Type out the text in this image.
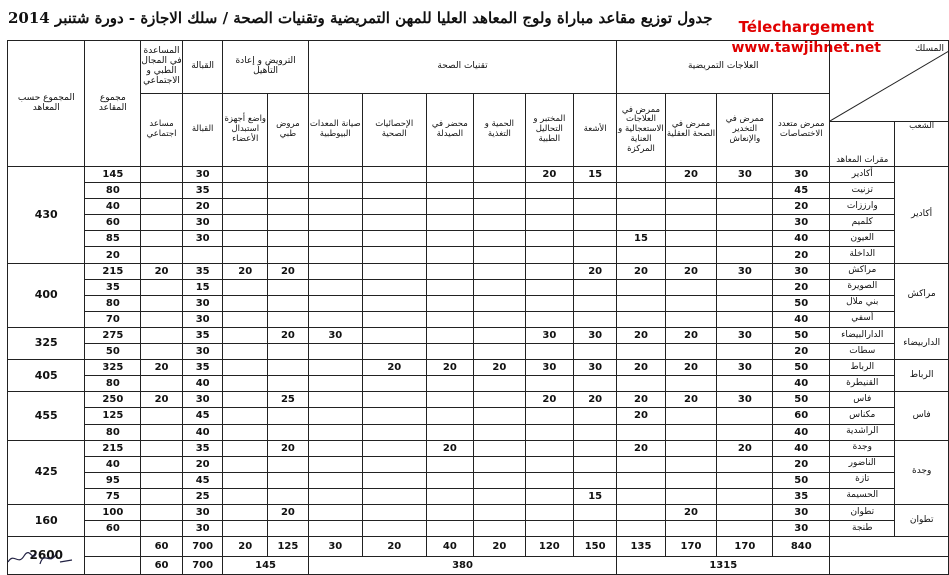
جدول توزيع مقاعد مباراة ولوج المعاهد العليا للمهن التمريضية وتقنيات الصحة / سلك الاجازة - دورة شتنبر 2014 Télechargement
www.tawjihnet.net	المسلك		العلاجات التمريضية				تقنيات الصحة						الترويض و إعادة التأهيل		القبالة	المساعدة في المجال الطبي و الاجتماعي	مجموع المقاعد	المجموع حسب المعاهد
		ممرض متعدد الاختصاصات	ممرض في التخدير والإنعاش	ممرض في الصحة العقلية	ممرض في العلاجات الاستعجالية و العناية المركزة	الأشعة	المختبر و التحاليل الطبية	الحمية و التغذية	محضر في الصيدلة	الإحصائيات الصحية	صيانة المعدات البيوطبية	مروض طبي	واضع أجهزة استبدال الأعضاء	القبالة	مساعد اجتماعي		
الشعب	مقرات المعاهد																
أكادير	أكادير	30	30	20		15	20							30		145	430
	تزنيت	45												35		80	
	وارززات	20												20		40	
	كلميم	30												30		60	
	العيون	40			15									30		85	
	الداخلة	20														20	
مراكش	مراكش	30	30	20	20	20						20	20	35	20	215	400
	الصويرة	20												15		35	
	بني ملال	50												30		80	
	أسفي	40												30		70	
الداربيضاء	الدارالبيضاء	50	30	20	20	30	30				30	20		35		275	325
	سطات	20												30		50	
الرباط	الرباط	50	30	20	20	30	30	20	20	20				35	20	325	405
	القنيطرة	40												40		80	
فاس	فاس	50	30	20	20	20	20					25		30	20	250	455
	مكناس	60			20									45		125	
	الراشدية	40												40		80	
وجدة	وجدة	40	20		20				20			20		35		215	425
	الناضور	20												20		40	
	تازة	50												45		95	
	الحسيمة	35				15								25		75	
تطوان	تطوان	30		20								20		30		100	160
	طنجة	30												30		60	
		840	170	170	135	150	120	20	40	20	30	125	20	700	60		2600
		1315				380						145		700	60		
